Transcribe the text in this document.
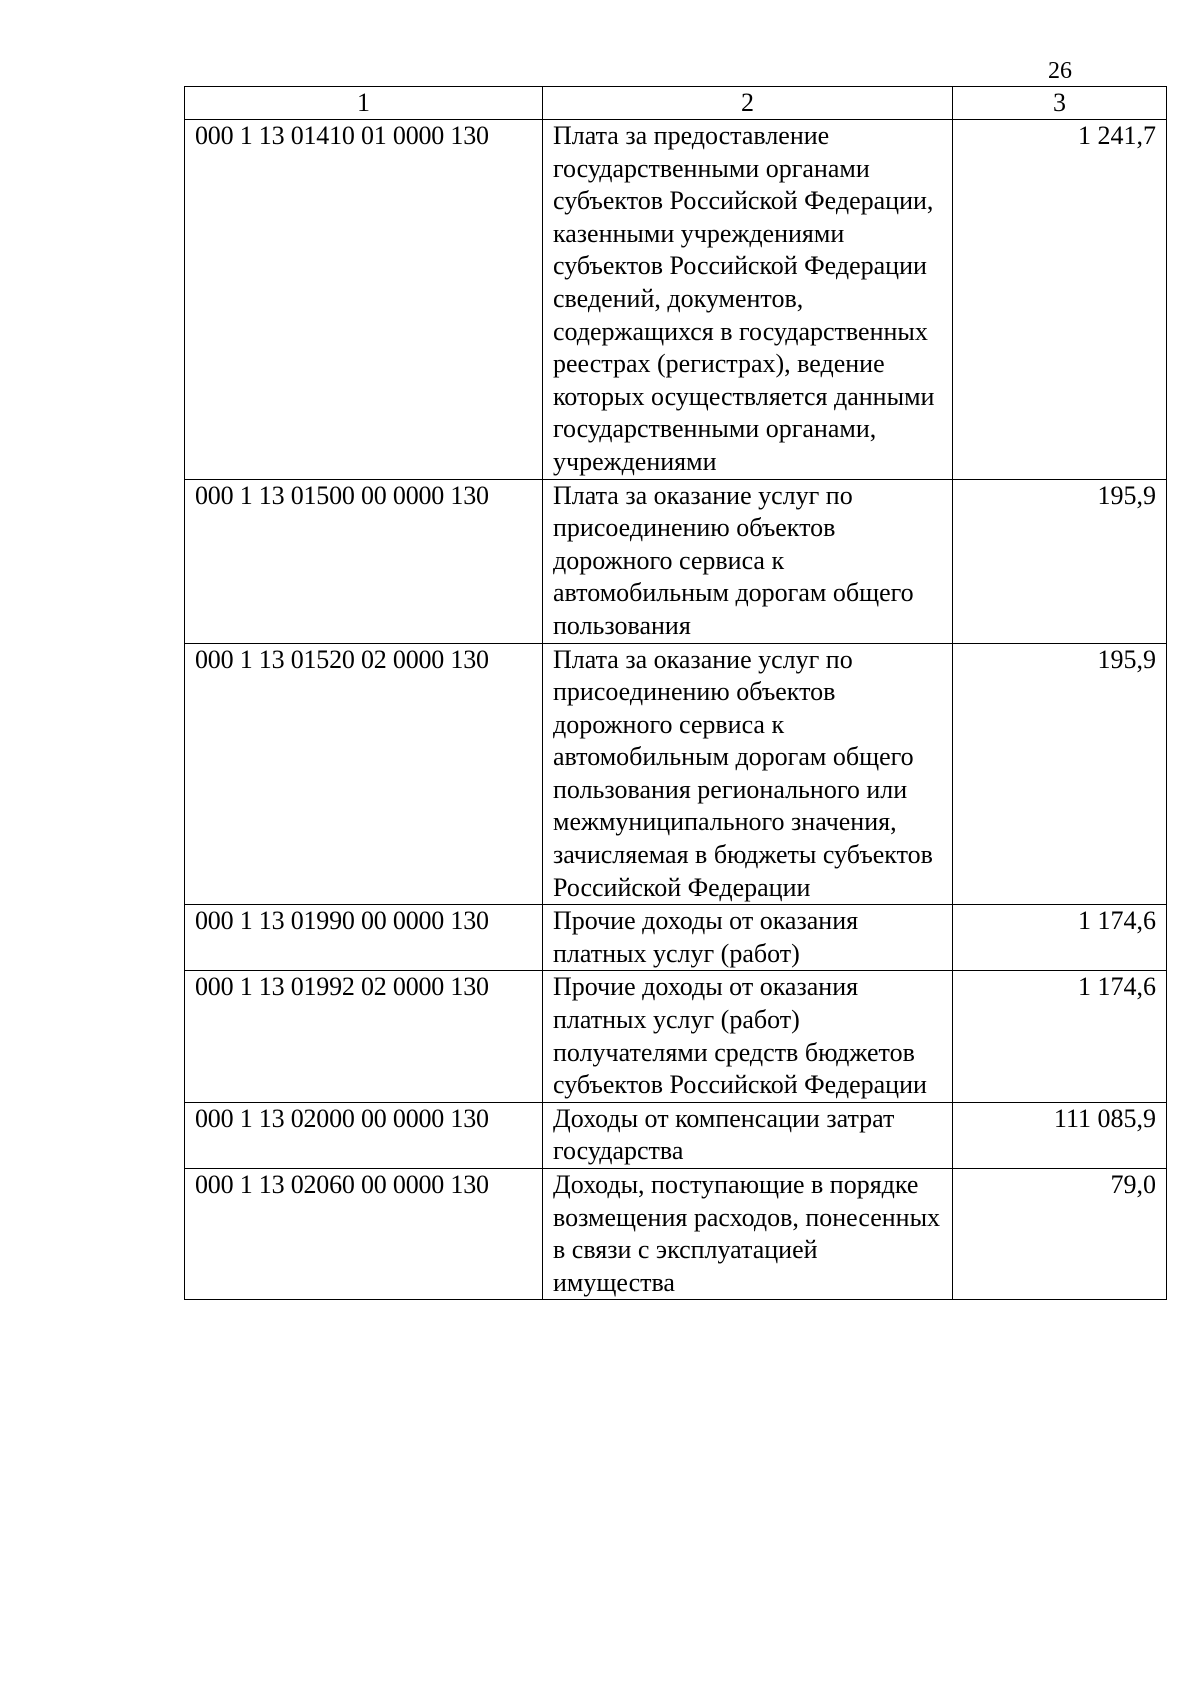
26
1	2	3
000 1 13 01410 01 0000 130	Плата за предоставление государственными органами субъектов Российской Федерации, казенными учреждениями субъектов Российской Федерации сведений, документов, содержащихся в государственных реестрах (регистрах), ведение которых осуществляется данными государственными органами, учреждениями	1 241,7
000 1 13 01500 00 0000 130	Плата за оказание услуг по присоединению объектов дорожного сервиса к автомобильным дорогам общего пользования	195,9
000 1 13 01520 02 0000 130	Плата за оказание услуг по присоединению объектов дорожного сервиса к автомобильным дорогам общего пользования регионального или межмуниципального значения, зачисляемая в бюджеты субъектов Российской Федерации	195,9
000 1 13 01990 00 0000 130	Прочие доходы от оказания платных услуг (работ)	1 174,6
000 1 13 01992 02 0000 130	Прочие доходы от оказания платных услуг (работ) получателями средств бюджетов субъектов Российской Федерации	1 174,6
000 1 13 02000 00 0000 130	Доходы от компенсации затрат государства	111 085,9
000 1 13 02060 00 0000 130	Доходы, поступающие в порядке возмещения расходов, понесенных в связи с эксплуатацией имущества	79,0
